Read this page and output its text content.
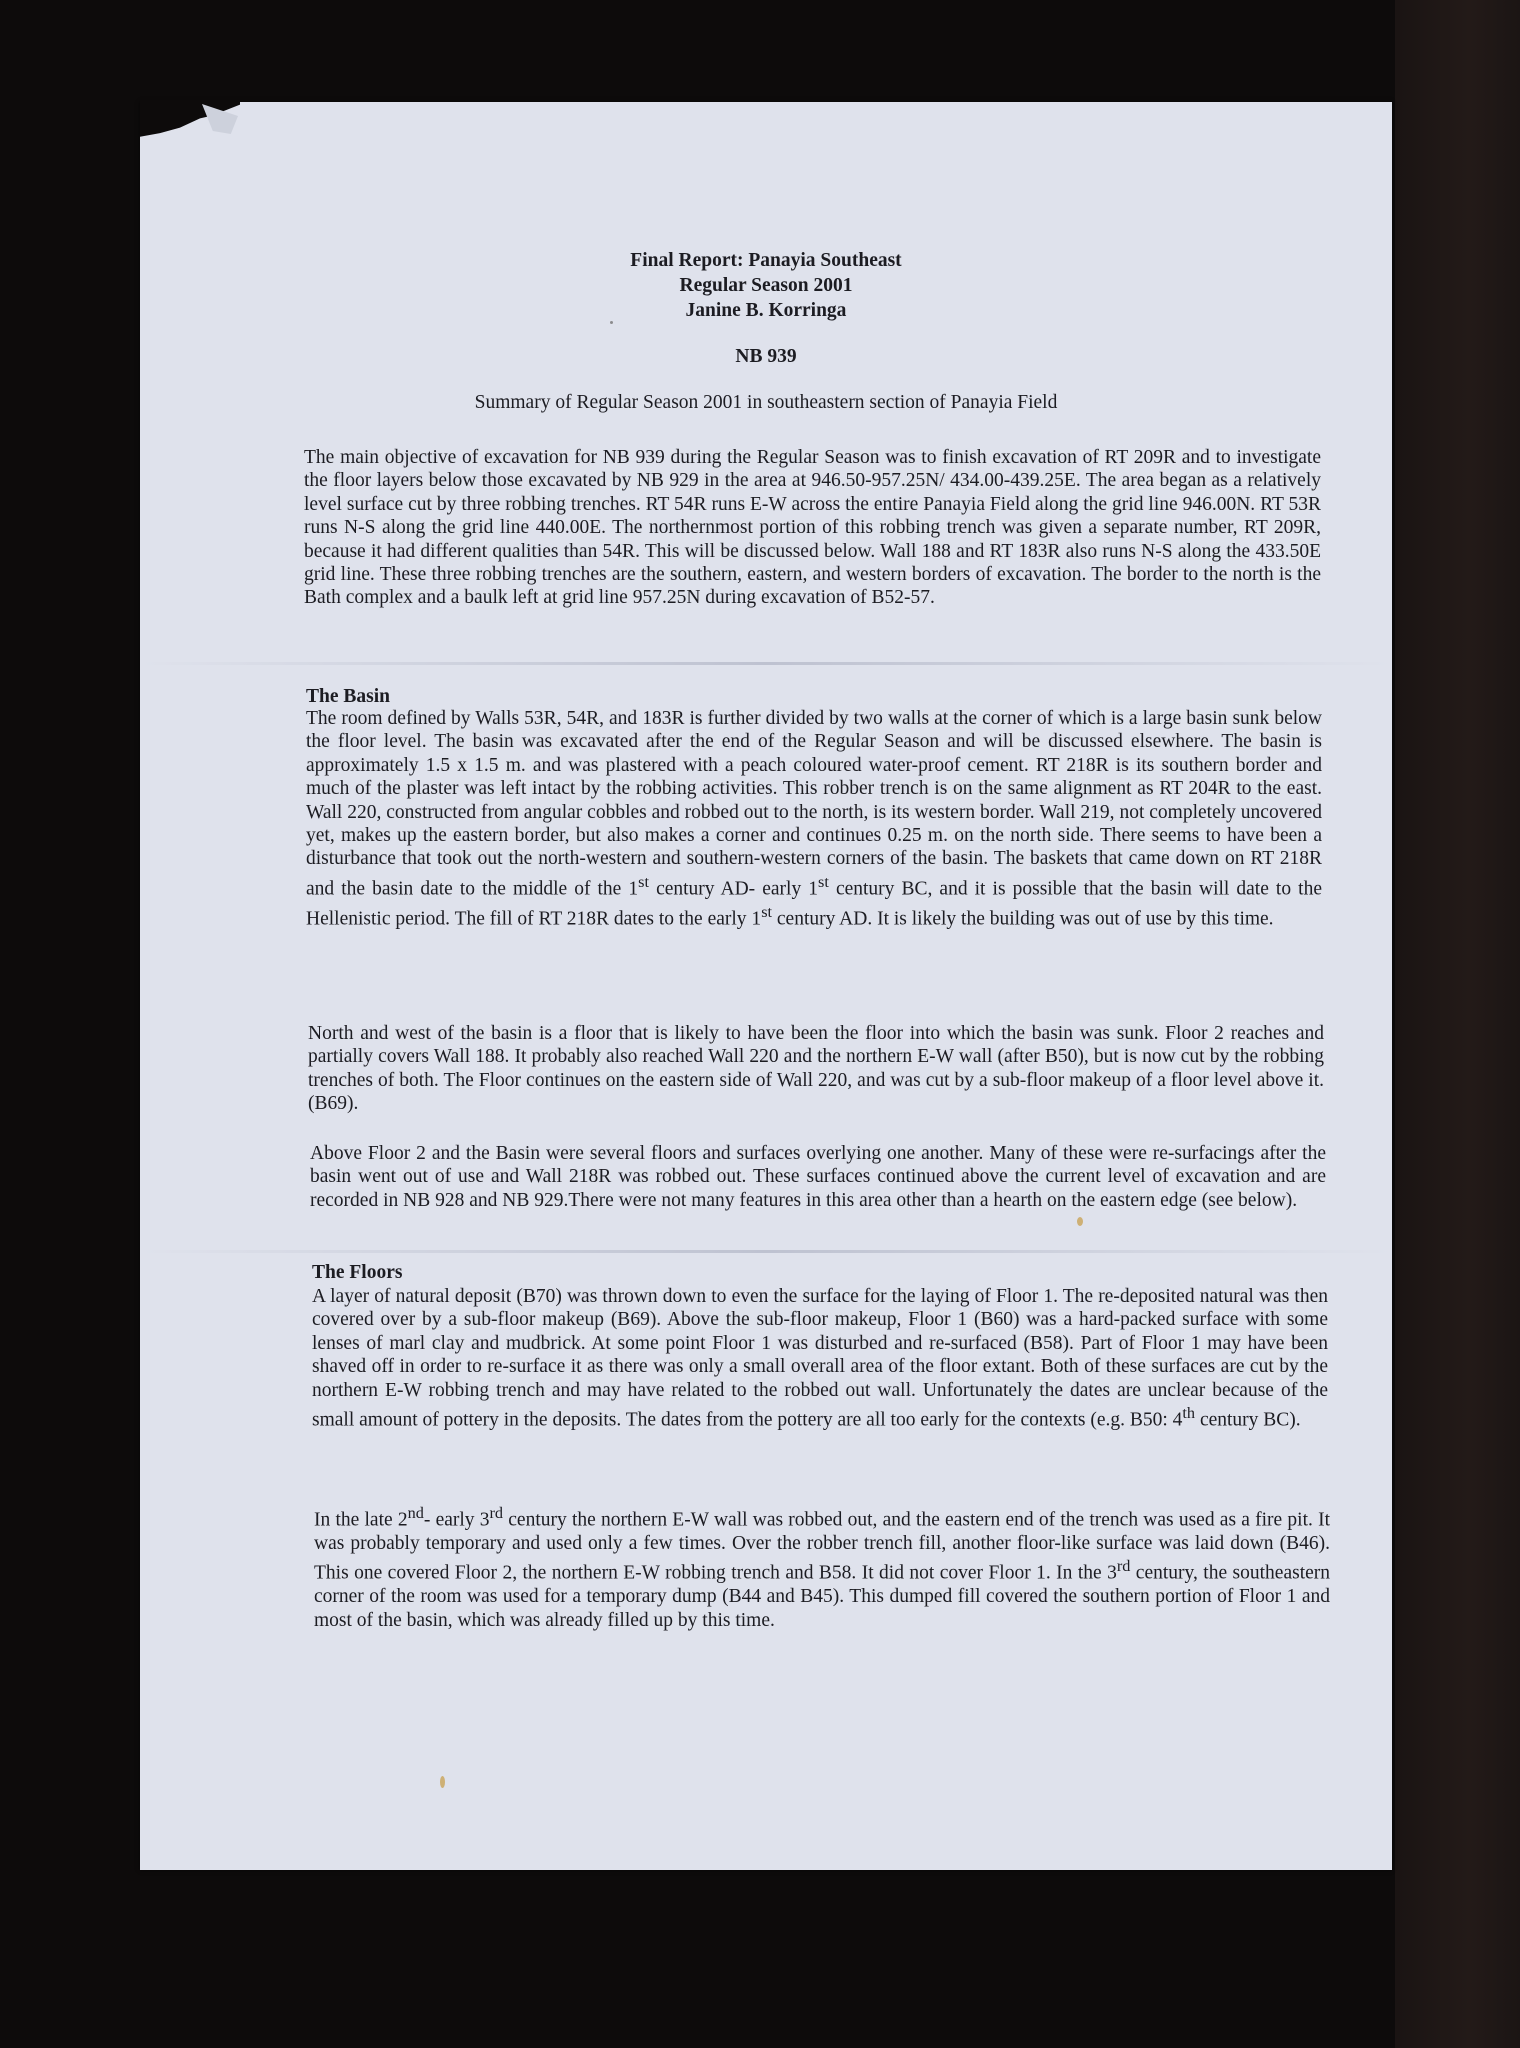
Final Report: Panayia Southeast
Regular Season 2001
Janine B. Korringa
NB 939
Summary of Regular Season 2001 in southeastern section of Panayia Field

The main objective of excavation for NB 939 during the Regular Season was to finish excavation of RT 209R and to investigate the floor layers below those excavated by NB 929 in the area at 946.50-957.25N/ 434.00-439.25E. The area began as a relatively level surface cut by three robbing trenches. RT 54R runs E-W across the entire Panayia Field along the grid line 946.00N. RT 53R runs N-S along the grid line 440.00E. The northernmost portion of this robbing trench was given a separate number, RT 209R, because it had different qualities than 54R. This will be discussed below. Wall 188 and RT 183R also runs N-S along the 433.50E grid line. These three robbing trenches are the southern, eastern, and western borders of excavation. The border to the north is the Bath complex and a baulk left at grid line 957.25N during excavation of B52-57.

The Basin

The room defined by Walls 53R, 54R, and 183R is further divided by two walls at the corner of which is a large basin sunk below the floor level. The basin was excavated after the end of the Regular Season and will be discussed elsewhere. The basin is approximately 1.5 x 1.5 m. and was plastered with a peach coloured water-proof cement. RT 218R is its southern border and much of the plaster was left intact by the robbing activities. This robber trench is on the same alignment as RT 204R to the east. Wall 220, constructed from angular cobbles and robbed out to the north, is its western border. Wall 219, not completely uncovered yet, makes up the eastern border, but also makes a corner and continues 0.25 m. on the north side. There seems to have been a disturbance that took out the north-western and southern-western corners of the basin. The baskets that came down on RT 218R and the basin date to the middle of the 1st century AD- early 1st century BC, and it is possible that the basin will date to the Hellenistic period. The fill of RT 218R dates to the early 1st century AD. It is likely the building was out of use by this time.

North and west of the basin is a floor that is likely to have been the floor into which the basin was sunk. Floor 2 reaches and partially covers Wall 188. It probably also reached Wall 220 and the northern E-W wall (after B50), but is now cut by the robbing trenches of both. The Floor continues on the eastern side of Wall 220, and was cut by a sub-floor makeup of a floor level above it. (B69).

Above Floor 2 and the Basin were several floors and surfaces overlying one another. Many of these were re-surfacings after the basin went out of use and Wall 218R was robbed out. These surfaces continued above the current level of excavation and are recorded in NB 928 and NB 929.There were not many features in this area other than a hearth on the eastern edge (see below).

The Floors

A layer of natural deposit (B70) was thrown down to even the surface for the laying of Floor 1. The re-deposited natural was then covered over by a sub-floor makeup (B69). Above the sub-floor makeup, Floor 1 (B60) was a hard-packed surface with some lenses of marl clay and mudbrick. At some point Floor 1 was disturbed and re-surfaced (B58). Part of Floor 1 may have been shaved off in order to re-surface it as there was only a small overall area of the floor extant. Both of these surfaces are cut by the northern E-W robbing trench and may have related to the robbed out wall. Unfortunately the dates are unclear because of the small amount of pottery in the deposits. The dates from the pottery are all too early for the contexts (e.g. B50: 4th century BC).

In the late 2nd- early 3rd century the northern E-W wall was robbed out, and the eastern end of the trench was used as a fire pit. It was probably temporary and used only a few times. Over the robber trench fill, another floor-like surface was laid down (B46). This one covered Floor 2, the northern E-W robbing trench and B58. It did not cover Floor 1. In the 3rd century, the southeastern corner of the room was used for a temporary dump (B44 and B45). This dumped fill covered the southern portion of Floor 1 and most of the basin, which was already filled up by this time.
